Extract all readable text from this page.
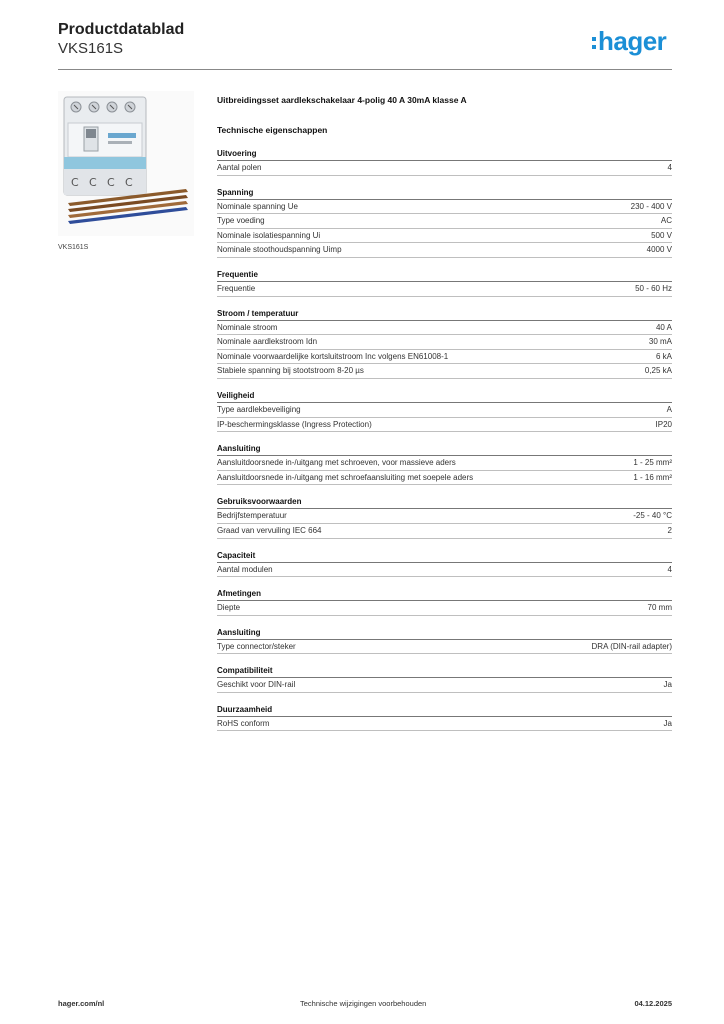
Productdatablad
VKS161S	hager
C C C C
VKS161S
Uitbreidingsset aardlekschakelaar 4-polig 40 A 30mA klasse A
Technische eigenschappen
Uitvoering
Aantal polen	4
Spanning
Nominale spanning Ue	230 - 400 V
Type voeding	AC
Nominale isolatiespanning Ui	500 V
Nominale stoothoudspanning Uimp	4000 V
Frequentie
Frequentie	50 - 60 Hz
Stroom / temperatuur
Nominale stroom	40 A
Nominale aardlekstroom Idn	30 mA
Nominale voorwaardelijke kortsluitstroom Inc volgens EN61008-1	6 kA
Stabiele spanning bij stootstroom 8-20 µs	0,25 kA
Veiligheid
Type aardlekbeveiliging	A
IP-beschermingsklasse (Ingress Protection)	IP20
Aansluiting
Aansluitdoorsnede in-/uitgang met schroeven, voor massieve aders	1 - 25 mm²
Aansluitdoorsnede in-/uitgang met schroefaansluiting met soepele aders	1 - 16 mm²
Gebruiksvoorwaarden
Bedrijfstemperatuur	-25 - 40 °C
Graad van vervuiling IEC 664	2
Capaciteit
Aantal modulen	4
Afmetingen
Diepte	70 mm
Aansluiting
Type connector/steker	DRA (DIN-rail adapter)
Compatibiliteit
Geschikt voor DIN-rail	Ja
Duurzaamheid
RoHS conform	Ja
hager.com/nl	Technische wijzigingen voorbehouden	04.12.2025
